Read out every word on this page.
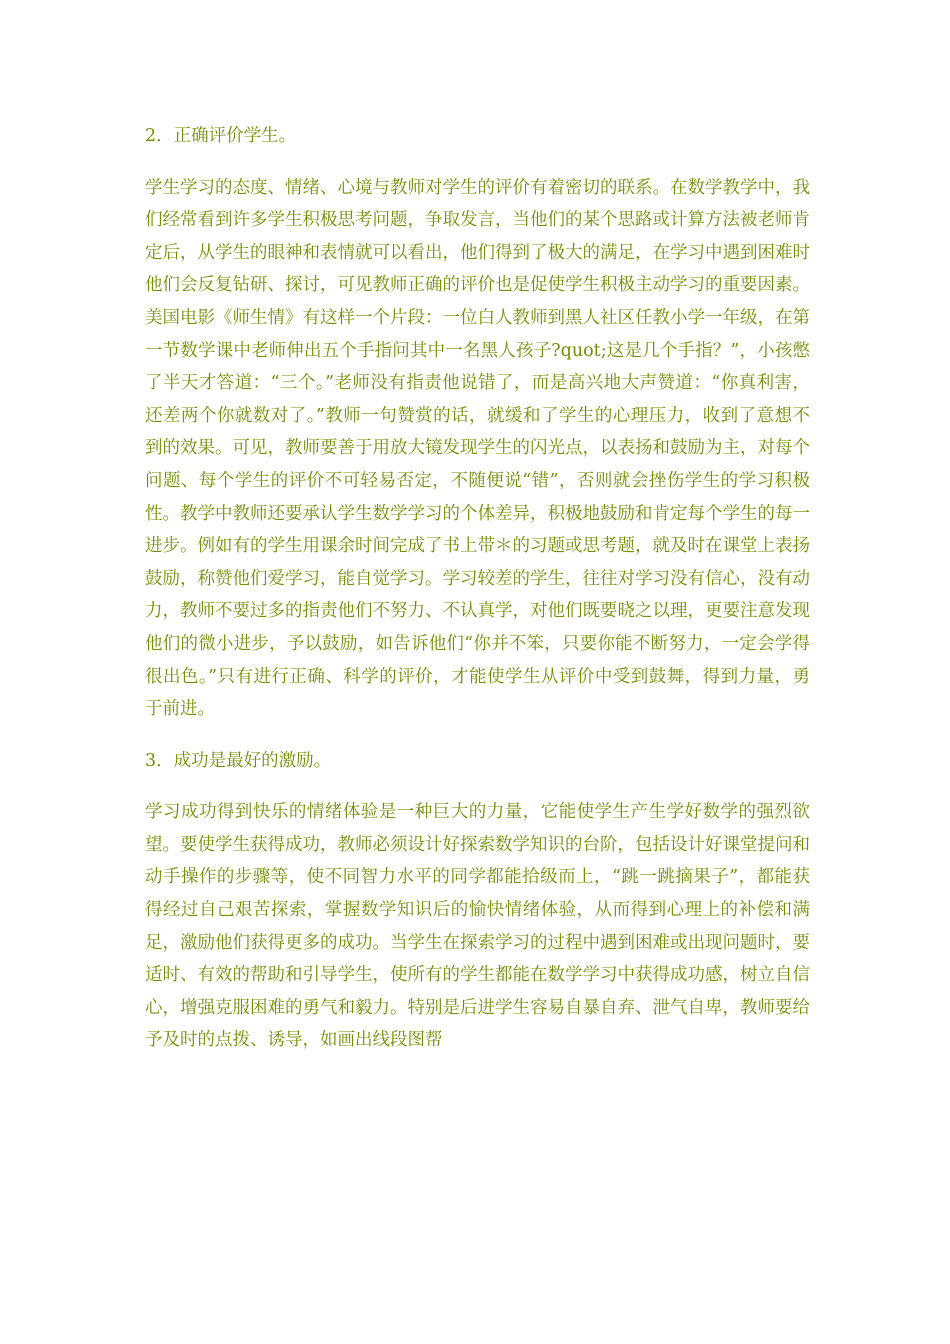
2．正确评价学生。

学生学习的态度、情绪、心境与教师对学生的评价有着密切的联系。在数学教学中，我们经常看到许多学生积极思考问题，争取发言，当他们的某个思路或计算方法被老师肯定后，从学生的眼神和表情就可以看出，他们得到了极大的满足，在学习中遇到困难时他们会反复钻研、探讨，可见教师正确的评价也是促使学生积极主动学习的重要因素。美国电影《师生情》有这样一个片段：一位白人教师到黑人社区任教小学一年级，在第一节数学课中老师伸出五个手指问其中一名黑人孩子?quot;这是几个手指？”，小孩憋了半天才答道：“三个。”老师没有指责他说错了，而是高兴地大声赞道：“你真利害，还差两个你就数对了。”教师一句赞赏的话，就缓和了学生的心理压力，收到了意想不到的效果。可见，教师要善于用放大镜发现学生的闪光点，以表扬和鼓励为主，对每个问题、每个学生的评价不可轻易否定，不随便说“错”，否则就会挫伤学生的学习积极性。教学中教师还要承认学生数学学习的个体差异，积极地鼓励和肯定每个学生的每一进步。例如有的学生用课余时间完成了书上带＊的习题或思考题，就及时在课堂上表扬鼓励，称赞他们爱学习，能自觉学习。学习较差的学生，往往对学习没有信心，没有动力，教师不要过多的指责他们不努力、不认真学，对他们既要晓之以理，更要注意发现他们的微小进步，予以鼓励，如告诉他们“你并不笨，只要你能不断努力，一定会学得很出色。”只有进行正确、科学的评价，才能使学生从评价中受到鼓舞，得到力量，勇于前进。

3．成功是最好的激励。

学习成功得到快乐的情绪体验是一种巨大的力量，它能使学生产生学好数学的强烈欲望。要使学生获得成功，教师必须设计好探索数学知识的台阶，包括设计好课堂提问和动手操作的步骤等，使不同智力水平的同学都能拾级而上，“跳一跳摘果子”，都能获得经过自己艰苦探索，掌握数学知识后的愉快情绪体验，从而得到心理上的补偿和满足，激励他们获得更多的成功。当学生在探索学习的过程中遇到困难或出现问题时，要适时、有效的帮助和引导学生，使所有的学生都能在数学学习中获得成功感，树立自信心，增强克服困难的勇气和毅力。特别是后进学生容易自暴自弃、泄气自卑，教师要给予及时的点拨、诱导，如画出线段图帮
